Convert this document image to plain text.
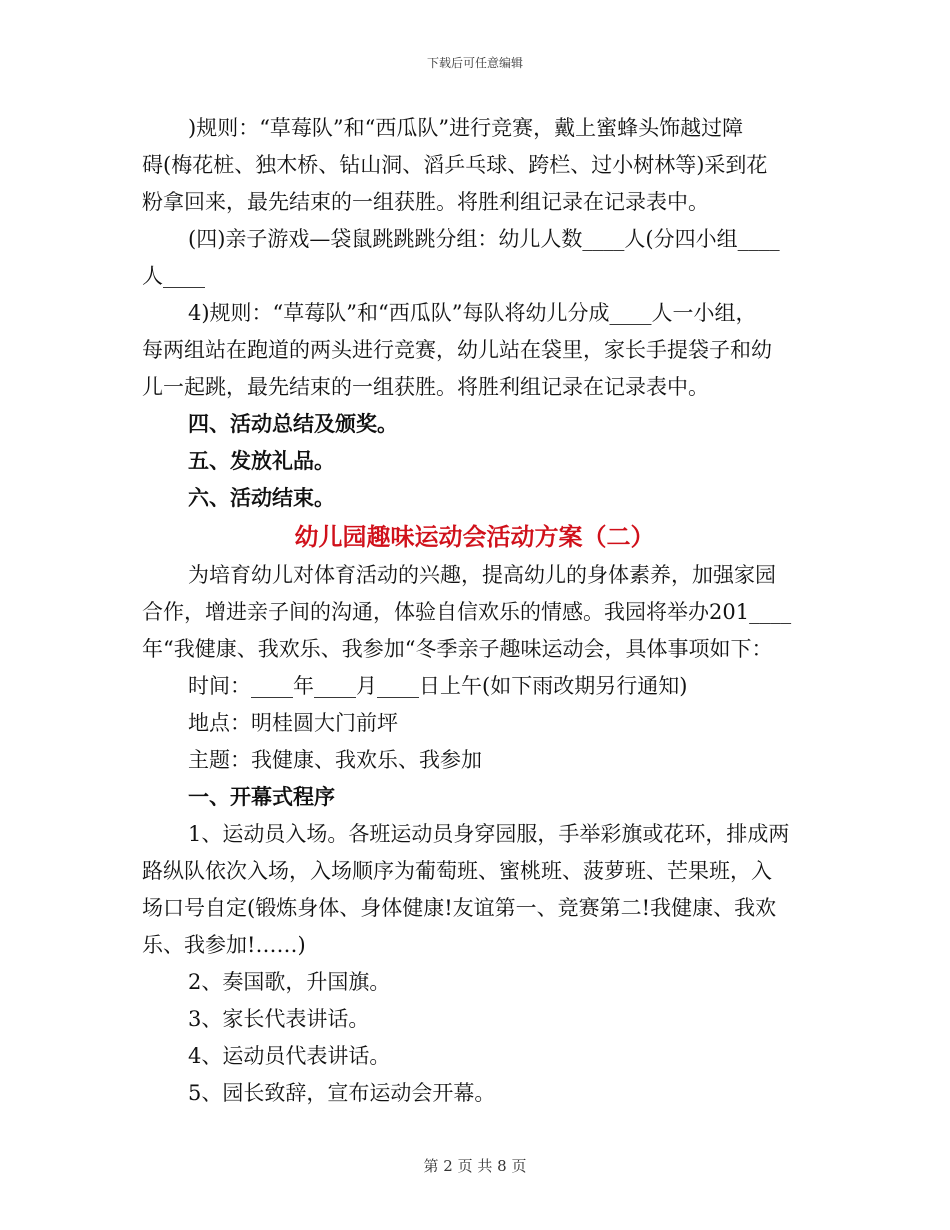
下载后可任意编辑
)规则：“草莓队”和“西瓜队”进行竞赛，戴上蜜蜂头饰越过障
碍(梅花桩、独木桥、钻山洞、滔乒乓球、跨栏、过小树林等)采到花
粉拿回来，最先结束的一组获胜。将胜利组记录在记录表中。
(四)亲子游戏—袋鼠跳跳跳分组：幼儿人数____人(分四小组____
人____
4)规则：“草莓队”和“西瓜队”每队将幼儿分成____人一小组，
每两组站在跑道的两头进行竞赛，幼儿站在袋里，家长手提袋子和幼
儿一起跳，最先结束的一组获胜。将胜利组记录在记录表中。
四、活动总结及颁奖。
五、发放礼品。
六、活动结束。
幼儿园趣味运动会活动方案（二）
为培育幼儿对体育活动的兴趣，提高幼儿的身体素养，加强家园
合作，增进亲子间的沟通，体验自信欢乐的情感。我园将举办201____
年“我健康、我欢乐、我参加“冬季亲子趣味运动会，具体事项如下：
时间：____年____月____日上午(如下雨改期另行通知)
地点：明桂圆大门前坪
主题：我健康、我欢乐、我参加
一、开幕式程序
1、运动员入场。各班运动员身穿园服，手举彩旗或花环，排成两
路纵队依次入场，入场顺序为葡萄班、蜜桃班、菠萝班、芒果班，入
场口号自定(锻炼身体、身体健康!友谊第一、竞赛第二!我健康、我欢
乐、我参加!……)
2、奏国歌，升国旗。
3、家长代表讲话。
4、运动员代表讲话。
5、园长致辞，宣布运动会开幕。
第 2 页 共 8 页
